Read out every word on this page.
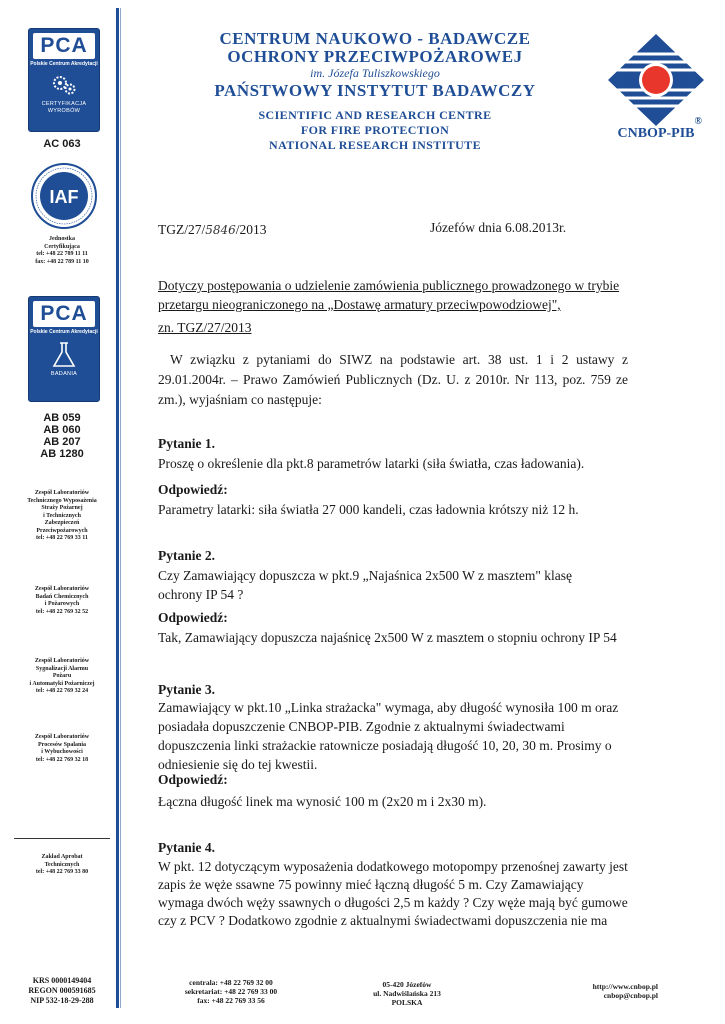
CNBOP-PIB
PCA
Polskie Centrum Akredytacji
CERTYFIKACJA WYROBÓW
AC 063
IAF
Jednostka
Certyfikująca
tel: +48 22 789 11 11
fax: +48 22 789 11 10
PCA
Polskie Centrum Akredytacji
BADANIA
AB 059
AB 060
AB 207
AB 1280
Zespół Laboratoriów
Technicznego Wyposażenia
Straży Pożarnej
i Technicznych
Zabezpieczeń
Przeciwpożarowych
tel: +48 22 769 33 11
Zespół Laboratoriów
Badań Chemicznych
i Pożarowych
tel: +48 22 769 32 52
Zespół Laboratoriów
Sygnalizacji Alarmu
Pożaru
i Automatyki Pożarniczej
tel: +48 22 769 32 24
Zespół Laboratoriów
Procesów Spalania
i Wybuchowości
tel: +48 22 769 32 18
Zakład Aprobat
Technicznych
tel: +48 22 769 33 80
KRS 0000149404
REGON 000591685
NIP 532-18-29-288
CENTRUM NAUKOWO - BADAWCZE
OCHRONY PRZECIWPOŻAROWEJ
im. Józefa Tuliszkowskiego
PAŃSTWOWY INSTYTUT BADAWCZY
SCIENTIFIC AND RESEARCH CENTRE
FOR FIRE PROTECTION
NATIONAL RESEARCH INSTITUTE
CNBOP-PIB
®
TGZ/27/5846/2013	Józefów dnia 6.08.2013r.
Dotyczy postępowania o udzielenie zamówienia publicznego prowadzonego w trybie
przetargu nieograniczonego na „Dostawę armatury przeciwpowodziowej",
zn. TGZ/27/2013
W związku z pytaniami do SIWZ na podstawie art. 38 ust. 1 i 2 ustawy z 29.01.2004r. – Prawo Zamówień Publicznych (Dz. U. z 2010r. Nr 113, poz. 759 ze zm.), wyjaśniam co następuje:
Pytanie 1.
Proszę o określenie dla pkt.8 parametrów latarki (siła światła, czas ładowania).
Odpowiedź:
Parametry latarki: siła światła 27 000 kandeli, czas ładownia krótszy niż 12 h.
Pytanie 2.
Czy Zamawiający dopuszcza w pkt.9 „Najaśnica 2x500 W z masztem" klasę ochrony IP 54 ?
Odpowiedź:
Tak, Zamawiający dopuszcza najaśnicę 2x500 W z masztem o stopniu ochrony IP 54
Pytanie 3.
Zamawiający w pkt.10 „Linka strażacka" wymaga, aby długość wynosiła 100 m oraz posiadała dopuszczenie CNBOP-PIB. Zgodnie z aktualnymi świadectwami dopuszczenia linki strażackie ratownicze posiadają długość 10, 20, 30 m. Prosimy o odniesienie się do tej kwestii.
Odpowiedź:
Łączna długość linek ma wynosić 100 m (2x20 m i 2x30 m).
Pytanie 4.
W pkt. 12 dotyczącym wyposażenia dodatkowego motopompy przenośnej zawarty jest zapis że węże ssawne 75 powinny mieć łączną długość 5 m. Czy Zamawiający wymaga dwóch węży ssawnych o długości 2,5 m każdy ? Czy węże mają być gumowe czy z PCV ? Dodatkowo zgodnie z aktualnymi świadectwami dopuszczenia nie ma
centrala: +48 22 769 32 00
sekretariat: +48 22 769 33 00
fax: +48 22 769 33 56
05-420 Józefów
ul. Nadwiślańska 213
POLSKA
http://www.cnbop.pl
cnbop@cnbop.pl
